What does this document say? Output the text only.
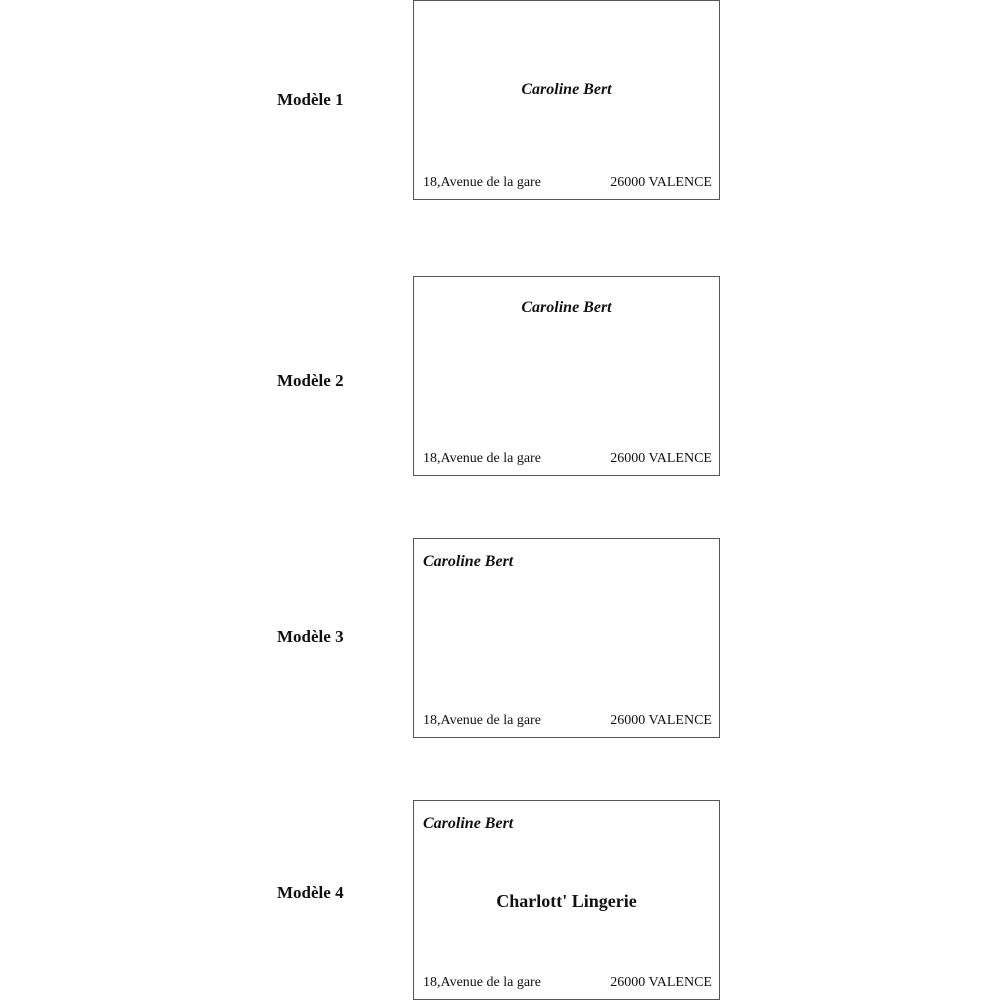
Modèle 1
Caroline Bert
18,Avenue de la gare	26000 VALENCE
Modèle 2
Caroline Bert
18,Avenue de la gare	26000 VALENCE
Modèle 3
Caroline Bert
18,Avenue de la gare	26000 VALENCE
Modèle 4
Caroline Bert
Charlott' Lingerie
18,Avenue de la gare	26000 VALENCE
